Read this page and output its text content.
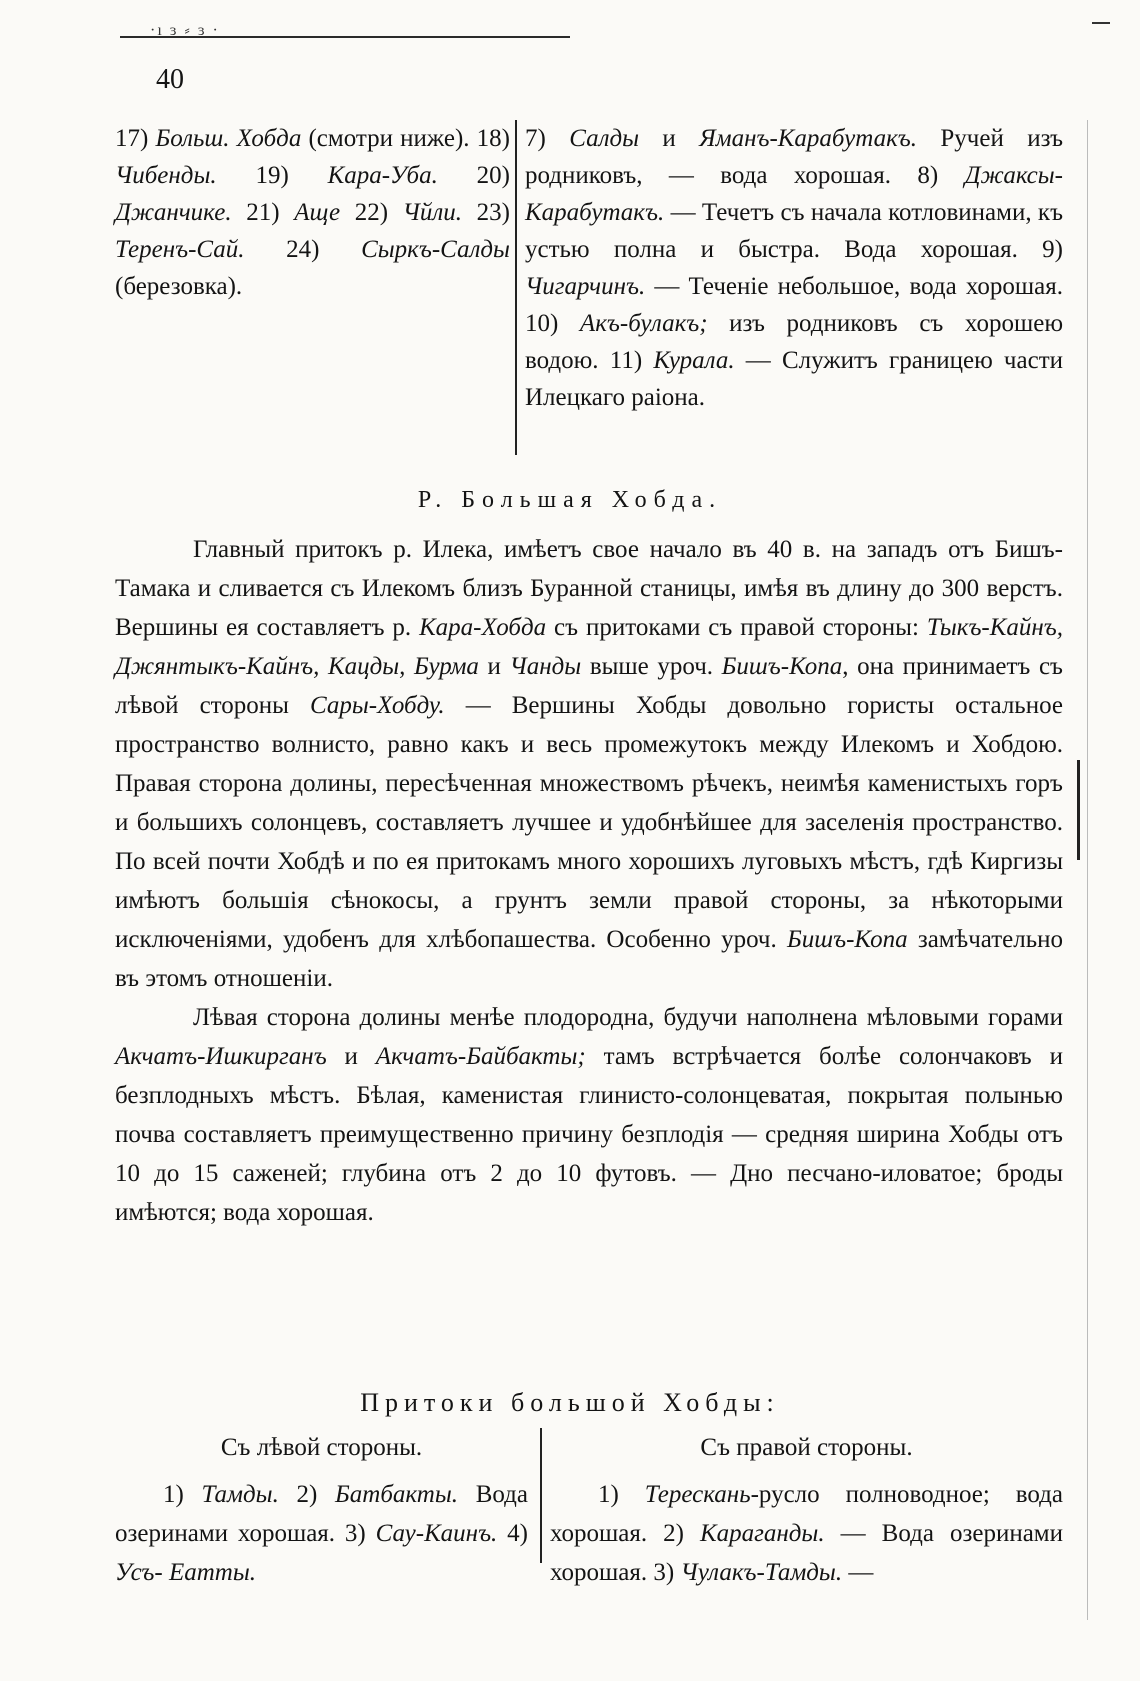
·ı ɜ ⸗ ɜ ·
40
17) Больш. Хобда (смотри ниже). 18) Чибенды. 19) Кара-Уба. 20) Джанчике. 21) Аще 22) Чйли. 23) Теренъ-Сай. 24) Сыркъ-Салды (березовка).
7) Салды и Яманъ-Карабутакъ. Ручей изъ родниковъ, — вода хорошая. 8) Джаксы-Карабутакъ. — Течетъ съ начала котловинами, къ устью полна и быстра. Вода хорошая. 9) Чигарчинъ. — Теченіе небольшое, вода хорошая. 10) Акъ-булакъ; изъ родниковъ съ хорошею водою. 11) Курала. — Служитъ границею части Илецкаго раіона.
Р. Большая Хобда.

Главный притокъ р. Илека, имѣетъ свое начало въ 40 в. на западъ отъ Бишъ-Тамака и сливается съ Илекомъ близъ Буранной станицы, имѣя въ длину до 300 верстъ. Вершины ея составляетъ р. Кара-Хобда съ притоками съ правой стороны: Тыкъ-Кайнъ, Джянтыкъ-Кайнъ, Кацды, Бурма и Чанды выше уроч. Бишъ-Копа, она принимаетъ съ лѣвой стороны Сары-Хобду. — Вершины Хобды довольно гористы остальное пространство волнисто, равно какъ и весь промежутокъ между Илекомъ и Хобдою. Правая сторона долины, пересѣченная множествомъ рѣчекъ, неимѣя каменистыхъ горъ и большихъ солонцевъ, составляетъ лучшее и удобнѣйшее для заселенія пространство. По всей почти Хобдѣ и по ея притокамъ много хорошихъ луговыхъ мѣстъ, гдѣ Киргизы имѣютъ большія сѣнокосы, а грунтъ земли правой стороны, за нѣкоторыми исключеніями, удобенъ для хлѣбопашества. Особенно уроч. Бишъ-Копа замѣчательно въ этомъ отношеніи.

Лѣвая сторона долины менѣе плодородна, будучи наполнена мѣловыми горами Акчатъ-Ишкирганъ и Акчатъ-Байбакты; тамъ встрѣчается болѣе солончаковъ и безплодныхъ мѣстъ. Бѣлая, каменистая глинисто-солонцеватая, покрытая полынью почва составляетъ преимущественно причину безплодія — средняя ширина Хобды отъ 10 до 15 саженей; глубина отъ 2 до 10 футовъ. — Дно песчано-иловатое; броды имѣются; вода хорошая.

Притоки большой Хобды:
Съ лѣвой стороны.

1) Тамды. 2) Батбакты. Вода озеринами хорошая. 3) Сау-Каинъ. 4) Усъ- Eатты.

Съ правой стороны.

1) Терескань-русло полноводное; вода хорошая. 2) Караганды. — Вода озеринами хорошая. 3) Чулакъ-Тамды. —
